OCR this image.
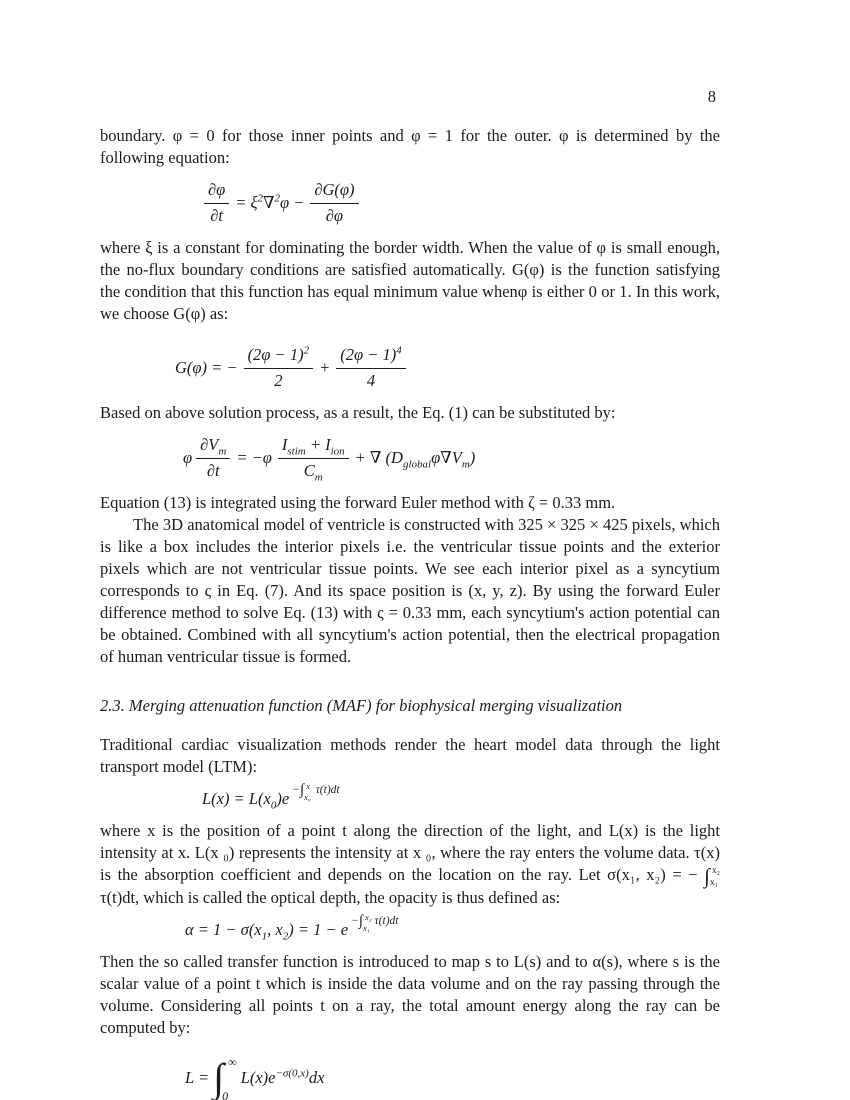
8
boundary. φ = 0 for those inner points and φ = 1 for the outer. φ is determined by the following equation:
$\frac{\partial\varphi}{\partial t} = \xi^2\nabla^2\varphi - \frac{\partial G(\varphi)}{\partial\varphi}$
where ξ is a constant for dominating the border width. When the value of φ is small enough, the no-flux boundary conditions are satisfied automatically. G(φ) is the function satisfying the condition that this function has equal minimum value whenφ is either 0 or 1. In this work, we choose G(φ) as:
G(φ) = − $\frac{(2\varphi - 1)^2}{2} + \frac{(2\varphi - 1)^4}{4}$
Based on above solution process, as a result, the Eq. (1) can be substituted by:
φ $\frac{\partial V_m}{\partial t} = -\varphi \frac{I_{stim} + I_{ion}}{C_m}$ + ∇ $(D_{global}\varphi\nabla V_m)$
Equation (13) is integrated using the forward Euler method with ζ = 0.33 mm.
The 3D anatomical model of ventricle is constructed with 325 × 325 × 425 pixels, which is like a box includes the interior pixels i.e. the ventricular tissue points and the exterior pixels which are not ventricular tissue points. We see each interior pixel as a syncytium corresponds to ς in Eq. (7). And its space position is (x, y, z). By using the forward Euler difference method to solve Eq. (13) with ς = 0.33 mm, each syncytium's action potential can be obtained. Combined with all syncytium's action potential, then the electrical propagation of human ventricular tissue is formed.
2.3. Merging attenuation function (MAF) for biophysical merging visualization
Traditional cardiac visualization methods render the heart model data through the light transport model (LTM):
$L(x) = L(x_0)e$ − ∫ x
x₀
τ(t)dt
where x is the position of a point t along the direction of the light, and L(x) is the light intensity at x. L(x ₀) represents the intensity at x ₀, where the ray enters the volume data. τ(x) is the absorption coefficient and depends on the location on the ray. Let σ(x₁, x₂) = − ∫ x₂
x₁
τ(t)dt, which is called the optical depth, the opacity is thus defined as:
$\alpha = 1 - \sigma(x_1$, $x_2) = 1 - e$ − ∫ x₂
x₁
τ(t)dt
Then the so called transfer function is introduced to map s to L(s) and to α(s), where s is the scalar value of a point t which is inside the data volume and on the ray passing through the volume. Considering all points t on a ray, the total amount energy along the ray can be computed by:
L = ∫ ∞
0
$L(x)e^{-\sigma(0,x)}dx$
